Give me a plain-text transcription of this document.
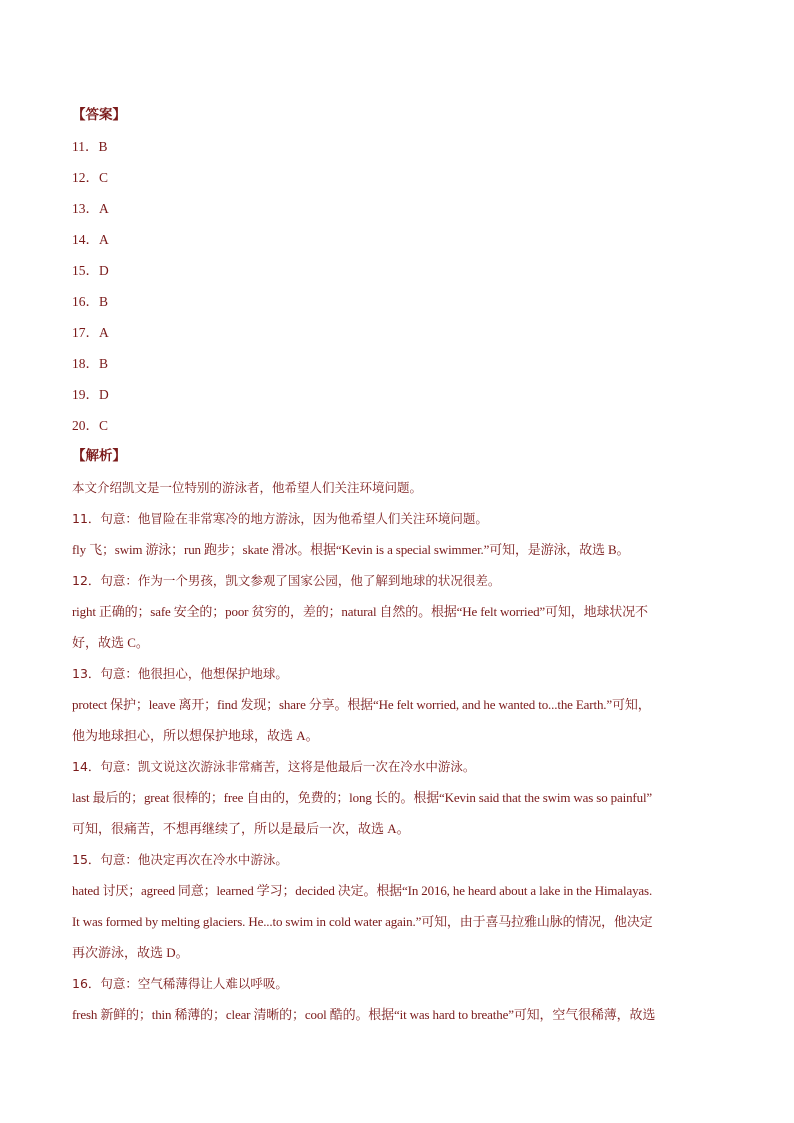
【答案】
11．B
12．C
13．A
14．A
15．D
16．B
17．A
18．B
19．D
20．C
【解析】
本文介绍凯文是一位特别的游泳者，他希望人们关注环境问题。
11．句意：他冒险在非常寒冷的地方游泳，因为他希望人们关注环境问题。
fly 飞；swim 游泳；run 跑步；skate 滑冰。根据“Kevin is a special swimmer.”可知，是游泳，故选 B。
12．句意：作为一个男孩，凯文参观了国家公园，他了解到地球的状况很差。
right 正确的；safe 安全的；poor 贫穷的，差的；natural 自然的。根据“He felt worried”可知，地球状况不
好，故选 C。
13．句意：他很担心，他想保护地球。
protect 保护；leave 离开；find 发现；share 分享。根据“He felt worried, and he wanted to...the Earth.”可知，
他为地球担心，所以想保护地球，故选 A。
14．句意：凯文说这次游泳非常痛苦，这将是他最后一次在冷水中游泳。
last 最后的；great 很棒的；free 自由的，免费的；long 长的。根据“Kevin said that the swim was so painful”
可知，很痛苦，不想再继续了，所以是最后一次，故选 A。
15．句意：他决定再次在冷水中游泳。
hated 讨厌；agreed 同意；learned 学习；decided 决定。根据“In 2016, he heard about a lake in the Himalayas.
It was formed by melting glaciers. He...to swim in cold water again.”可知，由于喜马拉雅山脉的情况，他决定
再次游泳，故选 D。
16．句意：空气稀薄得让人难以呼吸。
fresh 新鲜的；thin 稀薄的；clear 清晰的；cool 酷的。根据“it was hard to breathe”可知，空气很稀薄，故选
